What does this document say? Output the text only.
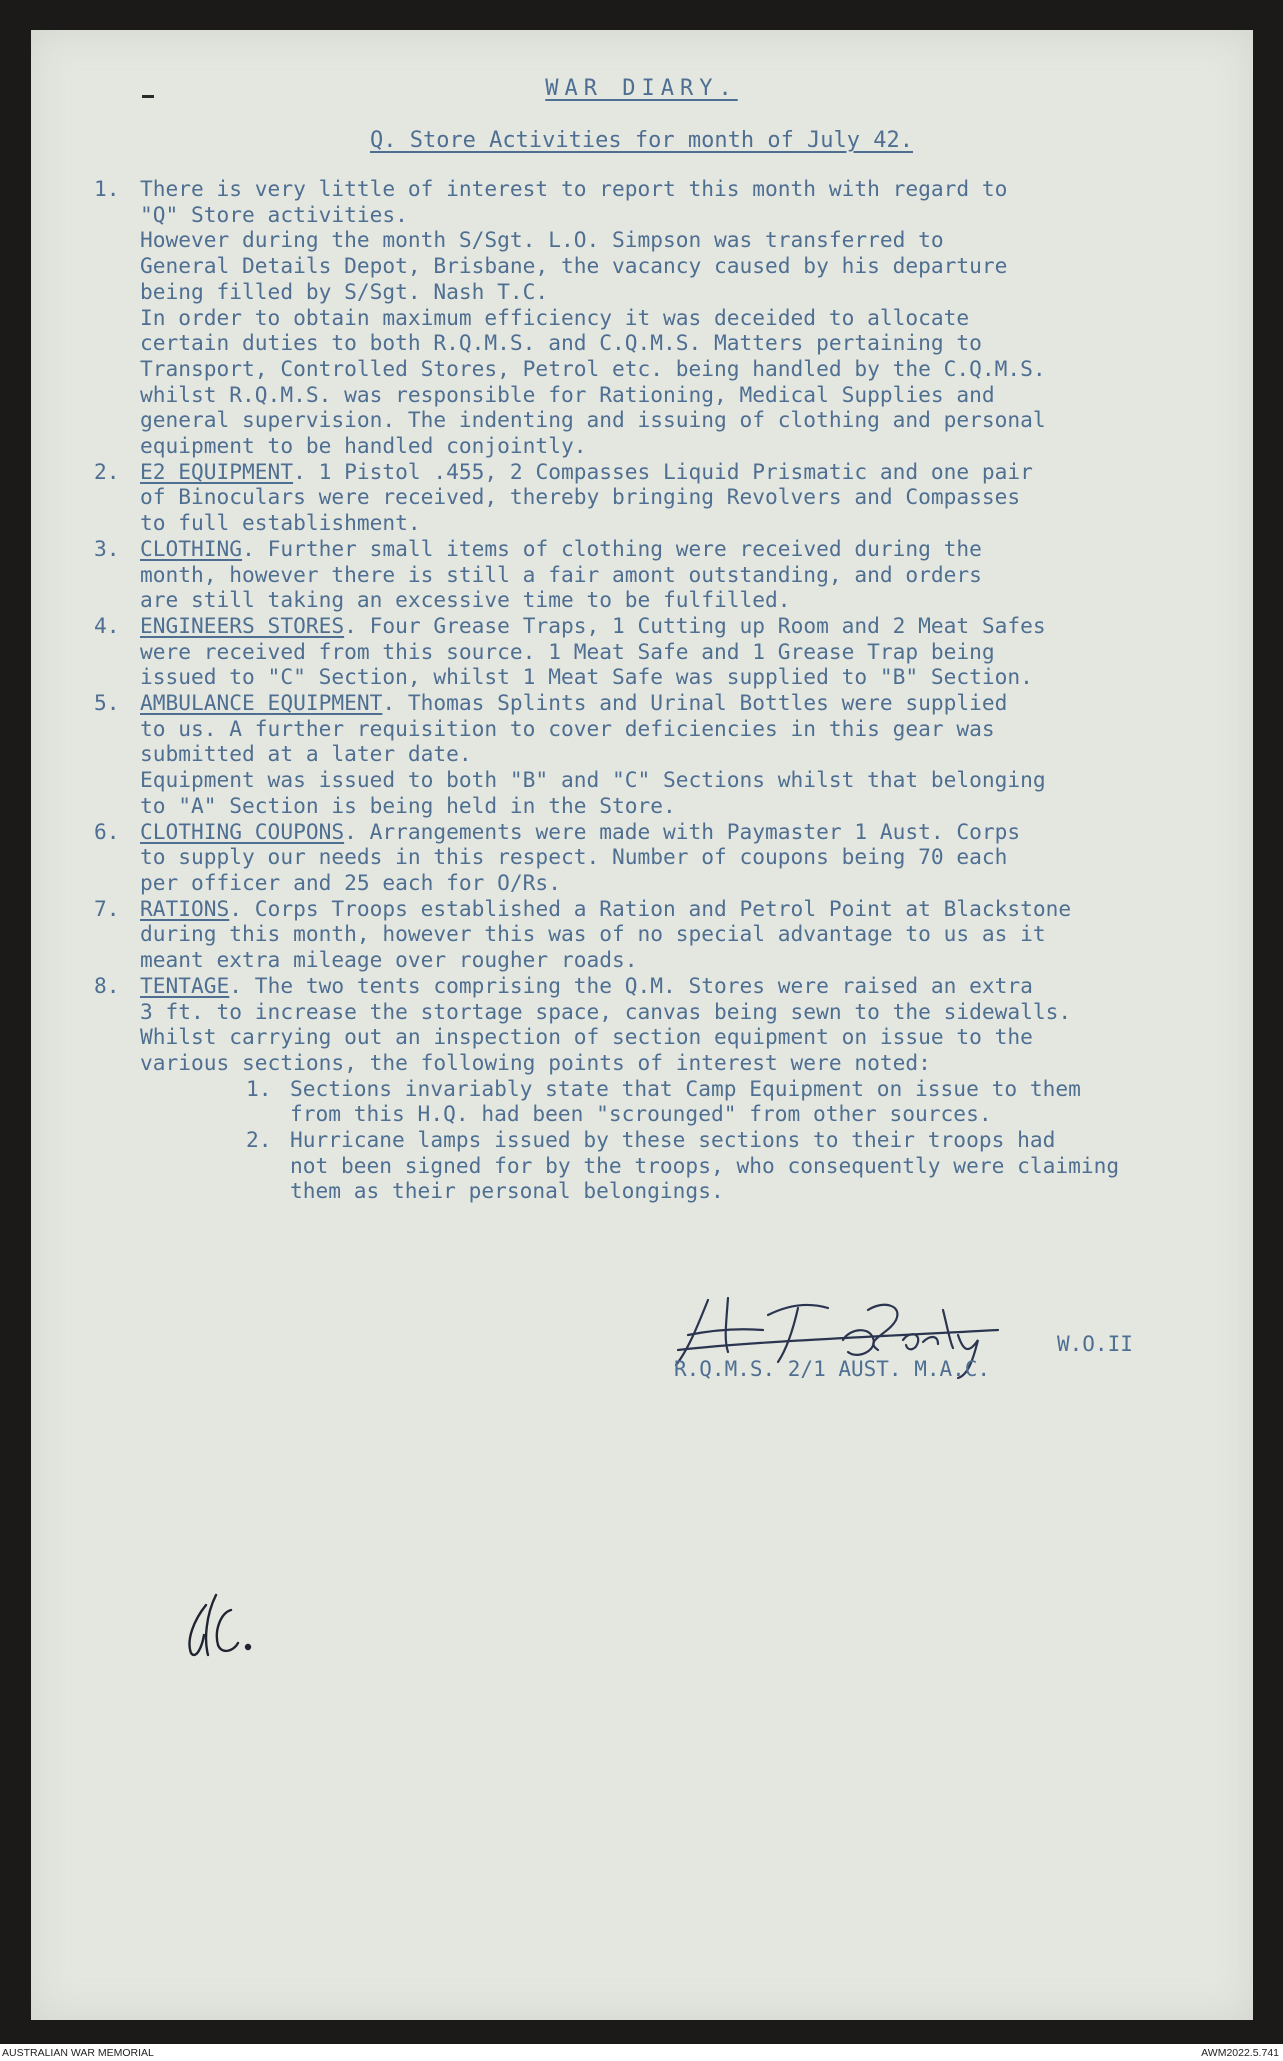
WAR DIARY.
Q. Store Activities for month of July 42.
1. There is very little of interest to report this month with regard to
"Q" Store activities.
However during the month S/Sgt. L.O. Simpson was transferred to
General Details Depot, Brisbane, the vacancy caused by his departure
being filled by S/Sgt. Nash T.C.
In order to obtain maximum efficiency it was deceided to allocate
certain duties to both R.Q.M.S. and C.Q.M.S. Matters pertaining to
Transport, Controlled Stores, Petrol etc. being handled by the C.Q.M.S.
whilst R.Q.M.S. was responsible for Rationing, Medical Supplies and
general supervision. The indenting and issuing of clothing and personal
equipment to be handled conjointly.
2. E2 EQUIPMENT. 1 Pistol .455, 2 Compasses Liquid Prismatic and one pair
of Binoculars were received, thereby bringing Revolvers and Compasses
to full establishment.
3. CLOTHING. Further small items of clothing were received during the
month, however there is still a fair amont outstanding, and orders
are still taking an excessive time to be fulfilled.
4. ENGINEERS STORES. Four Grease Traps, 1 Cutting up Room and 2 Meat Safes
were received from this source. 1 Meat Safe and 1 Grease Trap being
issued to "C" Section, whilst 1 Meat Safe was supplied to "B" Section.
5. AMBULANCE EQUIPMENT. Thomas Splints and Urinal Bottles were supplied
to us. A further requisition to cover deficiencies in this gear was
submitted at a later date.
Equipment was issued to both "B" and "C" Sections whilst that belonging
to "A" Section is being held in the Store.
6. CLOTHING COUPONS. Arrangements were made with Paymaster 1 Aust. Corps
to supply our needs in this respect. Number of coupons being 70 each
per officer and 25 each for O/Rs.
7. RATIONS. Corps Troops established a Ration and Petrol Point at Blackstone
during this month, however this was of no special advantage to us as it
meant extra mileage over rougher roads.
8. TENTAGE. The two tents comprising the Q.M. Stores were raised an extra
3 ft. to increase the stortage space, canvas being sewn to the sidewalls.
Whilst carrying out an inspection of section equipment on issue to the
various sections, the following points of interest were noted:
1. Sections invariably state that Camp Equipment on issue to them
from this H.Q. had been "scrounged" from other sources.
2. Hurricane lamps issued by these sections to their troops had
not been signed for by the troops, who consequently were claiming
them as their personal belongings.
W.O.II
R.Q.M.S. 2/1 AUST. M.A.C.
AUSTRALIAN WAR MEMORIAL	AWM2022.5.741
